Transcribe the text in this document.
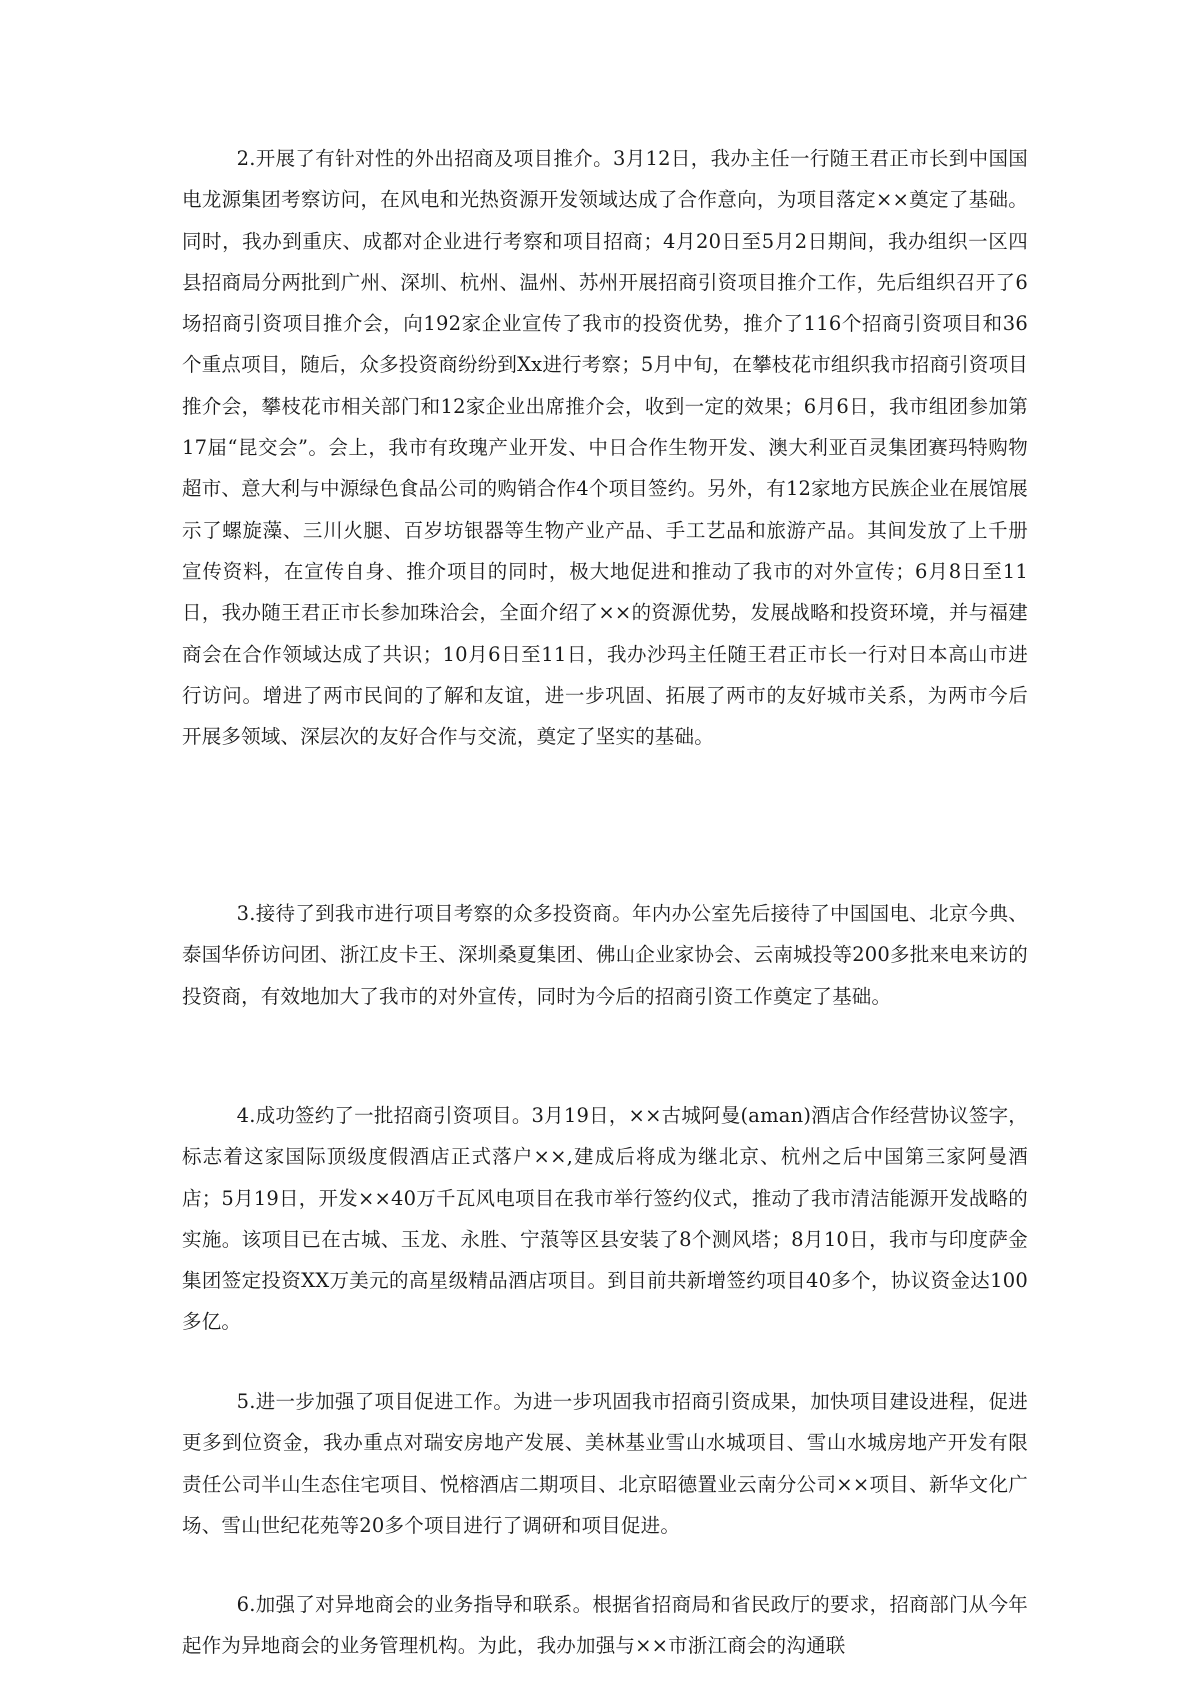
2.开展了有针对性的外出招商及项目推介。3月12日，我办主任一行随王君正市长到中国国电龙源集团考察访问，在风电和光热资源开发领域达成了合作意向，为项目落定××奠定了基础。同时，我办到重庆、成都对企业进行考察和项目招商；4月20日至5月2日期间，我办组织一区四县招商局分两批到广州、深圳、杭州、温州、苏州开展招商引资项目推介工作，先后组织召开了6场招商引资项目推介会，向192家企业宣传了我市的投资优势，推介了116个招商引资项目和36个重点项目，随后，众多投资商纷纷到Xx进行考察；5月中旬，在攀枝花市组织我市招商引资项目推介会，攀枝花市相关部门和12家企业出席推介会，收到一定的效果；6月6日，我市组团参加第17届“昆交会”。会上，我市有玫瑰产业开发、中日合作生物开发、澳大利亚百灵集团赛玛特购物超市、意大利与中源绿色食品公司的购销合作4个项目签约。另外，有12家地方民族企业在展馆展示了螺旋藻、三川火腿、百岁坊银器等生物产业产品、手工艺品和旅游产品。其间发放了上千册宣传资料，在宣传自身、推介项目的同时，极大地促进和推动了我市的对外宣传；6月8日至11日，我办随王君正市长参加珠洽会，全面介绍了××的资源优势，发展战略和投资环境，并与福建商会在合作领域达成了共识；10月6日至11日，我办沙玛主任随王君正市长一行对日本高山市进行访问。增进了两市民间的了解和友谊，进一步巩固、拓展了两市的友好城市关系，为两市今后开展多领域、深层次的友好合作与交流，奠定了坚实的基础。

3.接待了到我市进行项目考察的众多投资商。年内办公室先后接待了中国国电、北京今典、泰国华侨访问团、浙江皮卡王、深圳桑夏集团、佛山企业家协会、云南城投等200多批来电来访的投资商，有效地加大了我市的对外宣传，同时为今后的招商引资工作奠定了基础。

4.成功签约了一批招商引资项目。3月19日，××古城阿曼(aman)酒店合作经营协议签字，标志着这家国际顶级度假酒店正式落户××,建成后将成为继北京、杭州之后中国第三家阿曼酒店；5月19日，开发××40万千瓦风电项目在我市举行签约仪式，推动了我市清洁能源开发战略的实施。该项目已在古城、玉龙、永胜、宁蒗等区县安装了8个测风塔；8月10日，我市与印度萨金集团签定投资XX万美元的高星级精品酒店项目。到目前共新增签约项目40多个，协议资金达100多亿。

5.进一步加强了项目促进工作。为进一步巩固我市招商引资成果，加快项目建设进程，促进更多到位资金，我办重点对瑞安房地产发展、美林基业雪山水城项目、雪山水城房地产开发有限责任公司半山生态住宅项目、悦榕酒店二期项目、北京昭德置业云南分公司××项目、新华文化广场、雪山世纪花苑等20多个项目进行了调研和项目促进。

6.加强了对异地商会的业务指导和联系。根据省招商局和省民政厅的要求，招商部门从今年起作为异地商会的业务管理机构。为此，我办加强与××市浙江商会的沟通联
